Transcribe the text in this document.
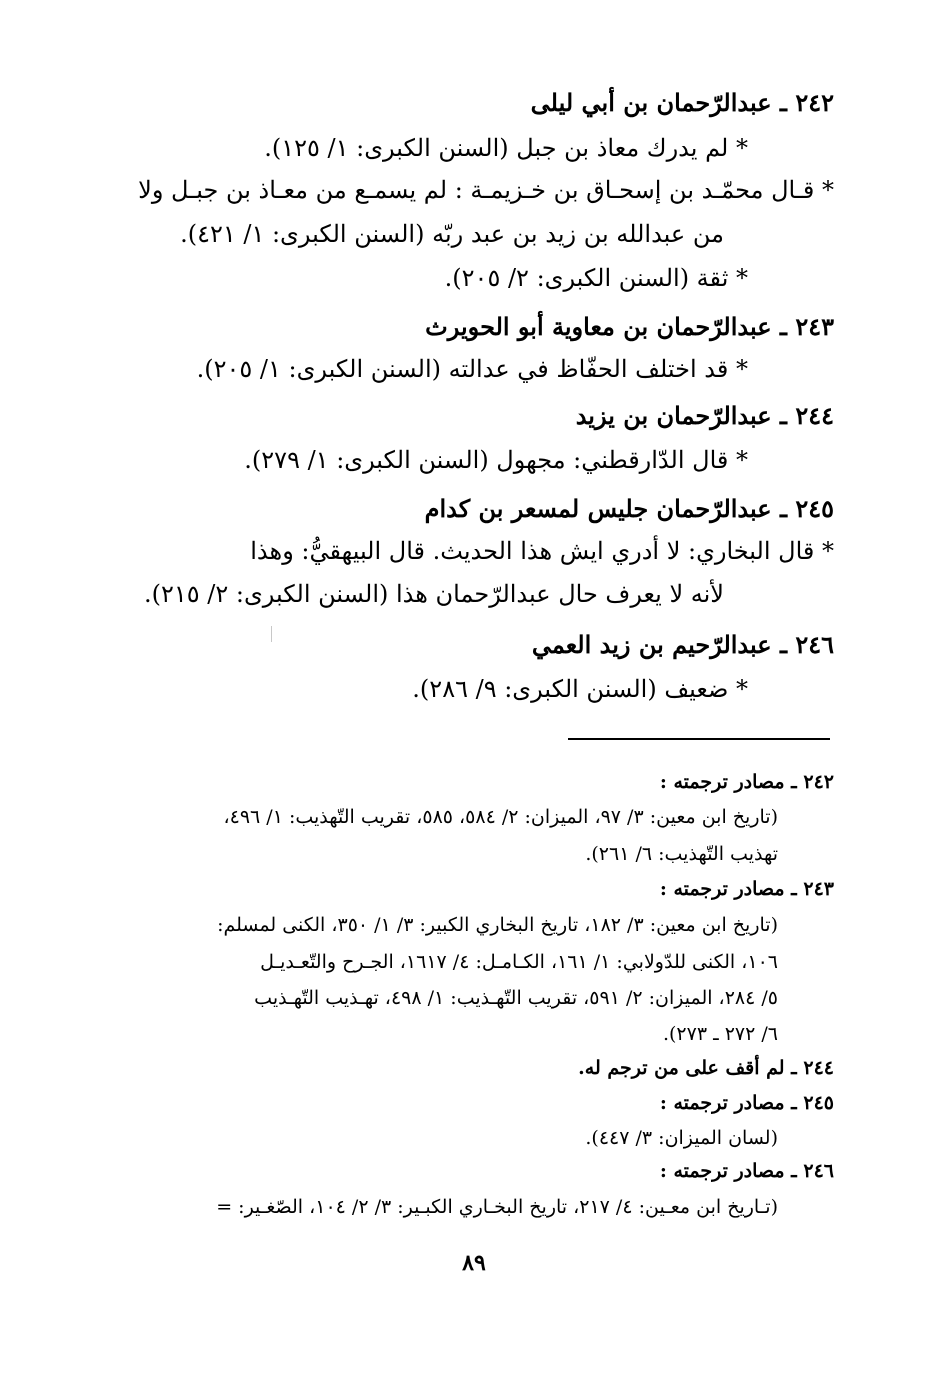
٢٤٢ ـ عبدالرّحمان بن أبي ليلى
* لم يدرك معاذ بن جبل (السنن الكبرى: ١/ ١٢٥).
* قـال محمّـد بن إسحـاق بن خـزيمـة : لم يسمـع من معـاذ بن جبـل ولا
من عبدالله بن زيد بن عبد ربّه (السنن الكبرى: ١/ ٤٢١).
* ثقة (السنن الكبرى: ٢/ ٢٠٥).
٢٤٣ ـ عبدالرّحمان بن معاوية أبو الحويرث
* قد اختلف الحفّاظ في عدالته (السنن الكبرى: ١/ ٢٠٥).
٢٤٤ ـ عبدالرّحمان بن يزيد
* قال الدّارقطني: مجهول (السنن الكبرى: ١/ ٢٧٩).
٢٤٥ ـ عبدالرّحمان جليس لمسعر بن كدام
* قال البخاري: لا أدري ايش هذا الحديث. قال البيهقيُّ: وهذا
لأنه لا يعرف حال عبدالرّحمان هذا (السنن الكبرى: ٢/ ٢١٥).
٢٤٦ ـ عبدالرّحيم بن زيد العمي
* ضعيف (السنن الكبرى: ٩/ ٢٨٦).
٢٤٢ ـ مصادر ترجمته :
(تاريخ ابن معين: ٣/ ٩٧، الميزان: ٢/ ٥٨٤، ٥٨٥، تقريب التّهذيب: ١/ ٤٩٦،
تهذيب التّهذيب: ٦/ ٢٦١).
٢٤٣ ـ مصادر ترجمته :
(تاريخ ابن معين: ٣/ ١٨٢، تاريخ البخاري الكبير: ٣/ ١/ ٣٥٠، الكنى لمسلم:
١٠٦، الكنى للدّولابي: ١/ ١٦١، الكـامـل: ٤/ ١٦١٧، الجـرح والتّعـديـل
٥/ ٢٨٤، الميزان: ٢/ ٥٩١، تقريب التّهـذيب: ١/ ٤٩٨، تهـذيب التّهـذيب
٦/ ٢٧٢ ـ ٢٧٣).
٢٤٤ ـ لم أقف على من ترجم له.
٢٤٥ ـ مصادر ترجمته :
(لسان الميزان: ٣/ ٤٤٧).
٢٤٦ ـ مصادر ترجمته :
(تـاريخ ابن معـين: ٤/ ٢١٧، تاريخ البخـاري الكبـير: ٣/ ٢/ ١٠٤، الصّغـير: =
٨٩
